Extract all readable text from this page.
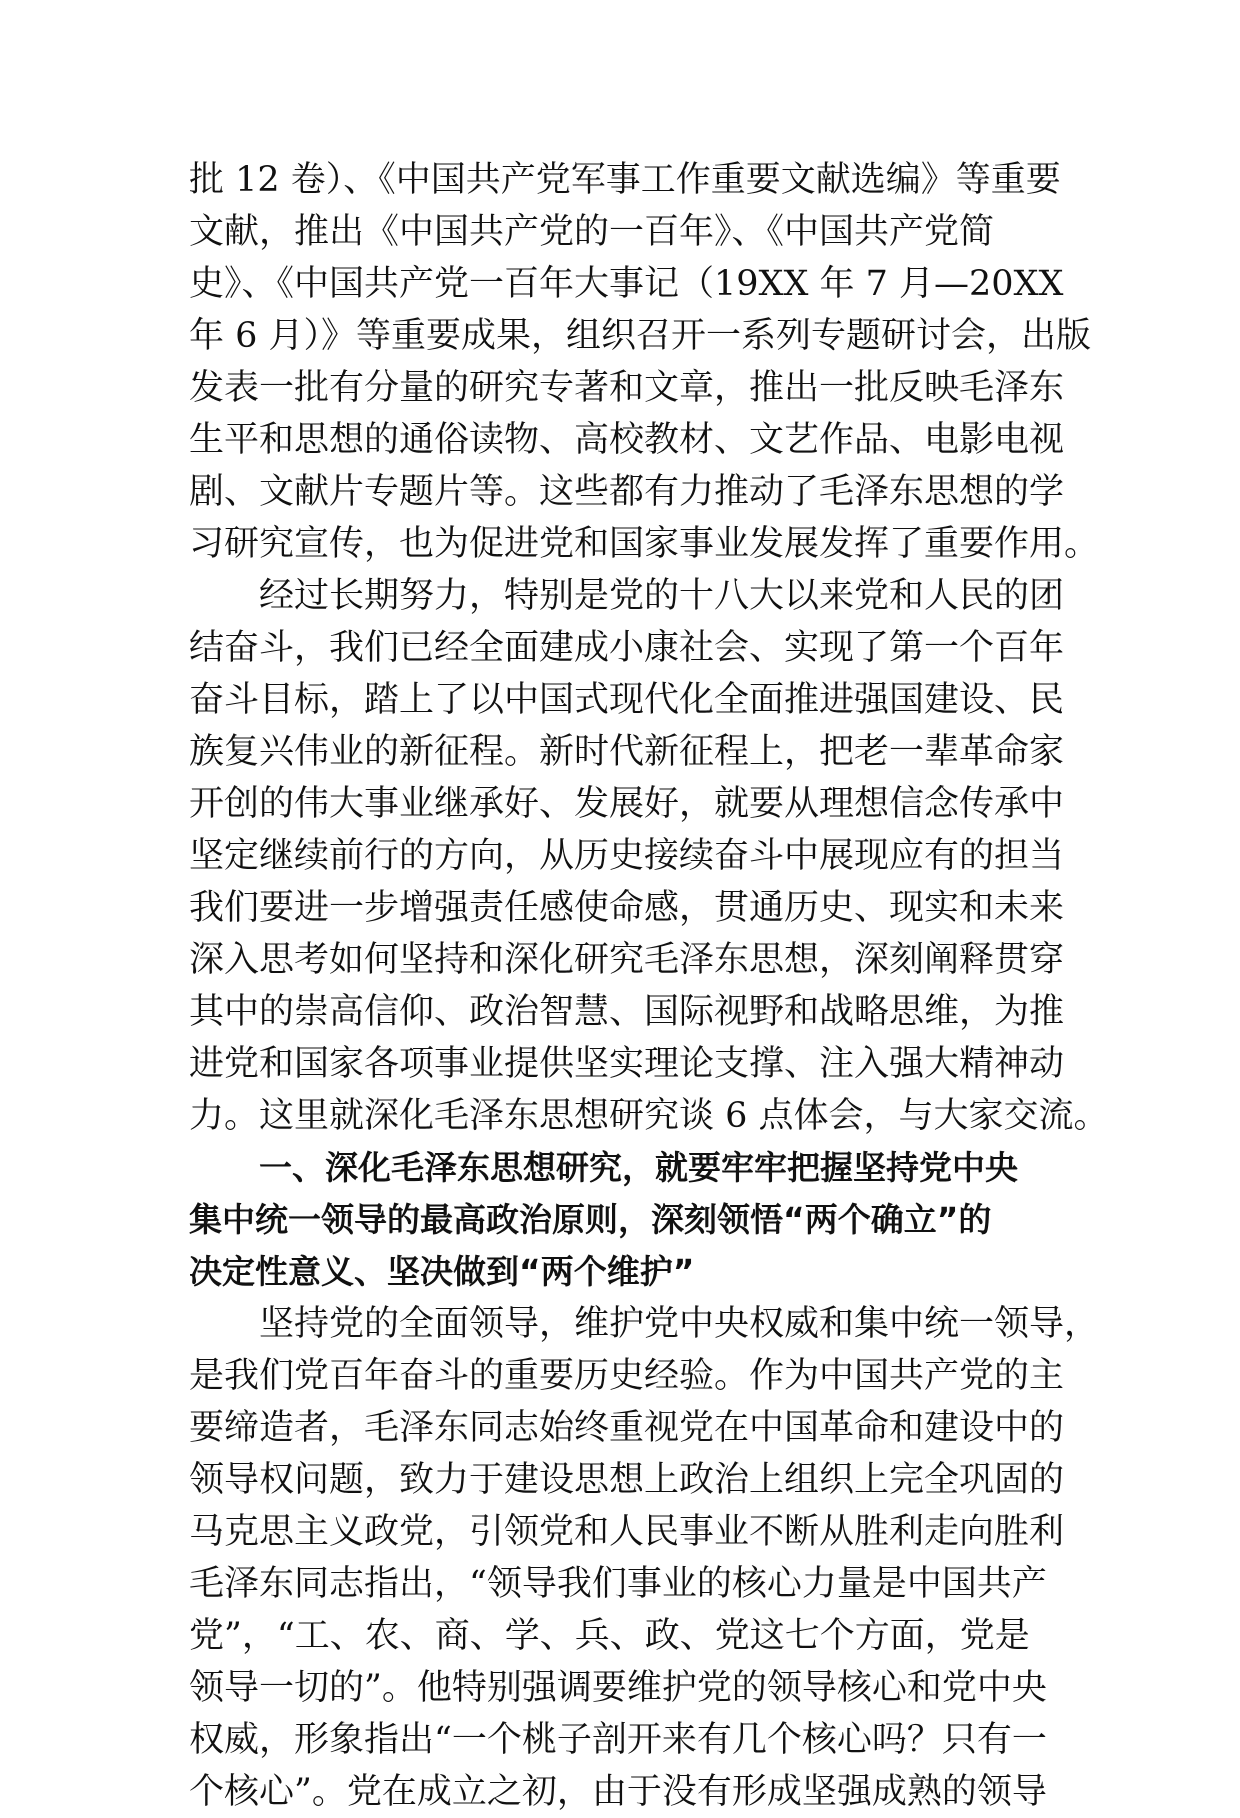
批 12 卷）、《中国共产党军事工作重要文献选编》等重要
文献，推出《中国共产党的一百年》、《中国共产党简
史》、《中国共产党一百年大事记（19XX 年 7 月—20XX
年 6 月）》等重要成果，组织召开一系列专题研讨会，出版
发表一批有分量的研究专著和文章，推出一批反映毛泽东
生平和思想的通俗读物、高校教材、文艺作品、电影电视
剧、文献片专题片等。这些都有力推动了毛泽东思想的学
习研究宣传，也为促进党和国家事业发展发挥了重要作用。
经过长期努力，特别是党的十八大以来党和人民的团
结奋斗，我们已经全面建成小康社会、实现了第一个百年
奋斗目标，踏上了以中国式现代化全面推进强国建设、民
族复兴伟业的新征程。新时代新征程上，把老一辈革命家
开创的伟大事业继承好、发展好，就要从理想信念传承中
坚定继续前行的方向，从历史接续奋斗中展现应有的担当
我们要进一步增强责任感使命感，贯通历史、现实和未来
深入思考如何坚持和深化研究毛泽东思想，深刻阐释贯穿
其中的崇高信仰、政治智慧、国际视野和战略思维，为推
进党和国家各项事业提供坚实理论支撑、注入强大精神动
力。这里就深化毛泽东思想研究谈 6 点体会，与大家交流。
一、深化毛泽东思想研究，就要牢牢把握坚持党中央
集中统一领导的最高政治原则，深刻领悟“两个确立”的
决定性意义、坚决做到“两个维护”
坚持党的全面领导，维护党中央权威和集中统一领导，
是我们党百年奋斗的重要历史经验。作为中国共产党的主
要缔造者，毛泽东同志始终重视党在中国革命和建设中的
领导权问题，致力于建设思想上政治上组织上完全巩固的
马克思主义政党，引领党和人民事业不断从胜利走向胜利
毛泽东同志指出，“领导我们事业的核心力量是中国共产
党”，“工、农、商、学、兵、政、党这七个方面，党是
领导一切的”。他特别强调要维护党的领导核心和党中央
权威，形象指出“一个桃子剖开来有几个核心吗？只有一
个核心”。党在成立之初，由于没有形成坚强成熟的领导
